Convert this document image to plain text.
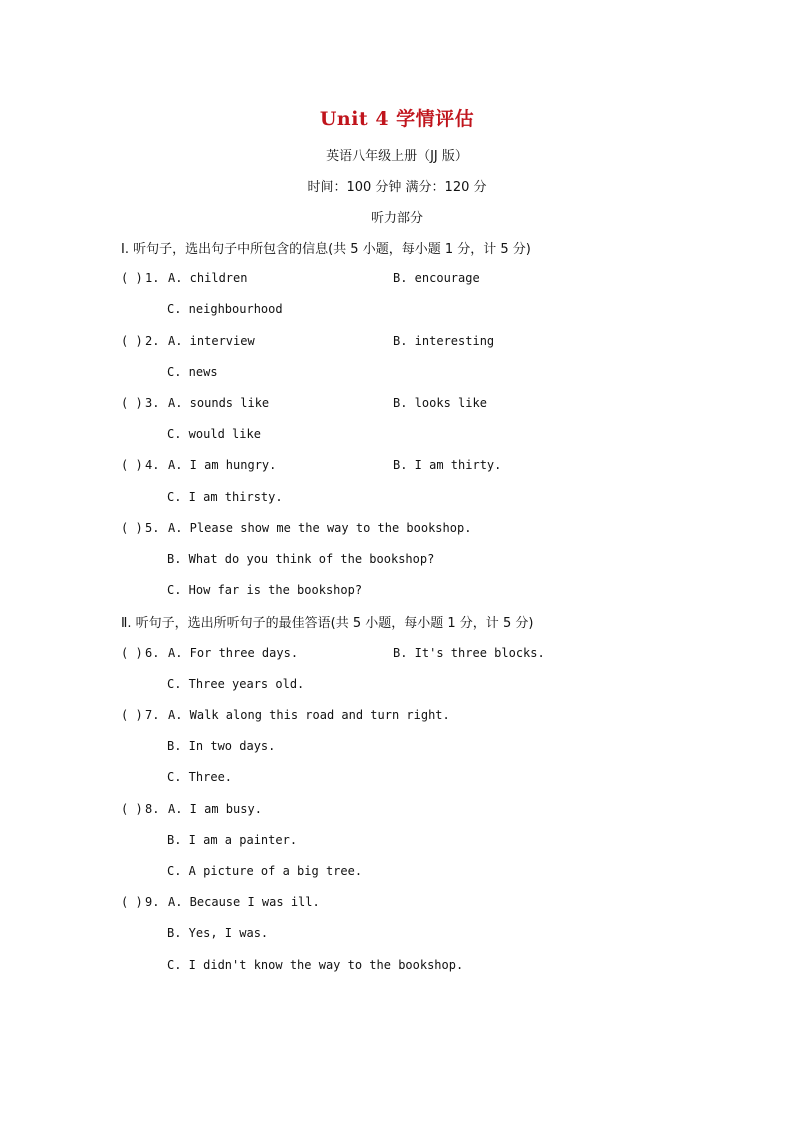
Unit 4 学情评估
英语八年级上册（JJ 版）
时间：100 分钟 满分：120 分
听力部分
Ⅰ. 听句子，选出句子中所包含的信息(共 5 小题，每小题 1 分，计 5 分)
( ) 1. A. children	B. encourage
C. neighbourhood
( ) 2. A. interview	B. interesting
C. news
( ) 3. A. sounds like	B. looks like
C. would like
( ) 4. A. I am hungry.	B. I am thirty.
C. I am thirsty.
( ) 5. A. Please show me the way to the bookshop.
B. What do you think of the bookshop?
C. How far is the bookshop?
Ⅱ. 听句子，选出所听句子的最佳答语(共 5 小题，每小题 1 分，计 5 分)
( ) 6. A. For three days.	B. It's three blocks.
C. Three years old.
( ) 7. A. Walk along this road and turn right.
B. In two days.
C. Three.
( ) 8. A. I am busy.
B. I am a painter.
C. A picture of a big tree.
( ) 9. A. Because I was ill.
B. Yes, I was.
C. I didn't know the way to the bookshop.
